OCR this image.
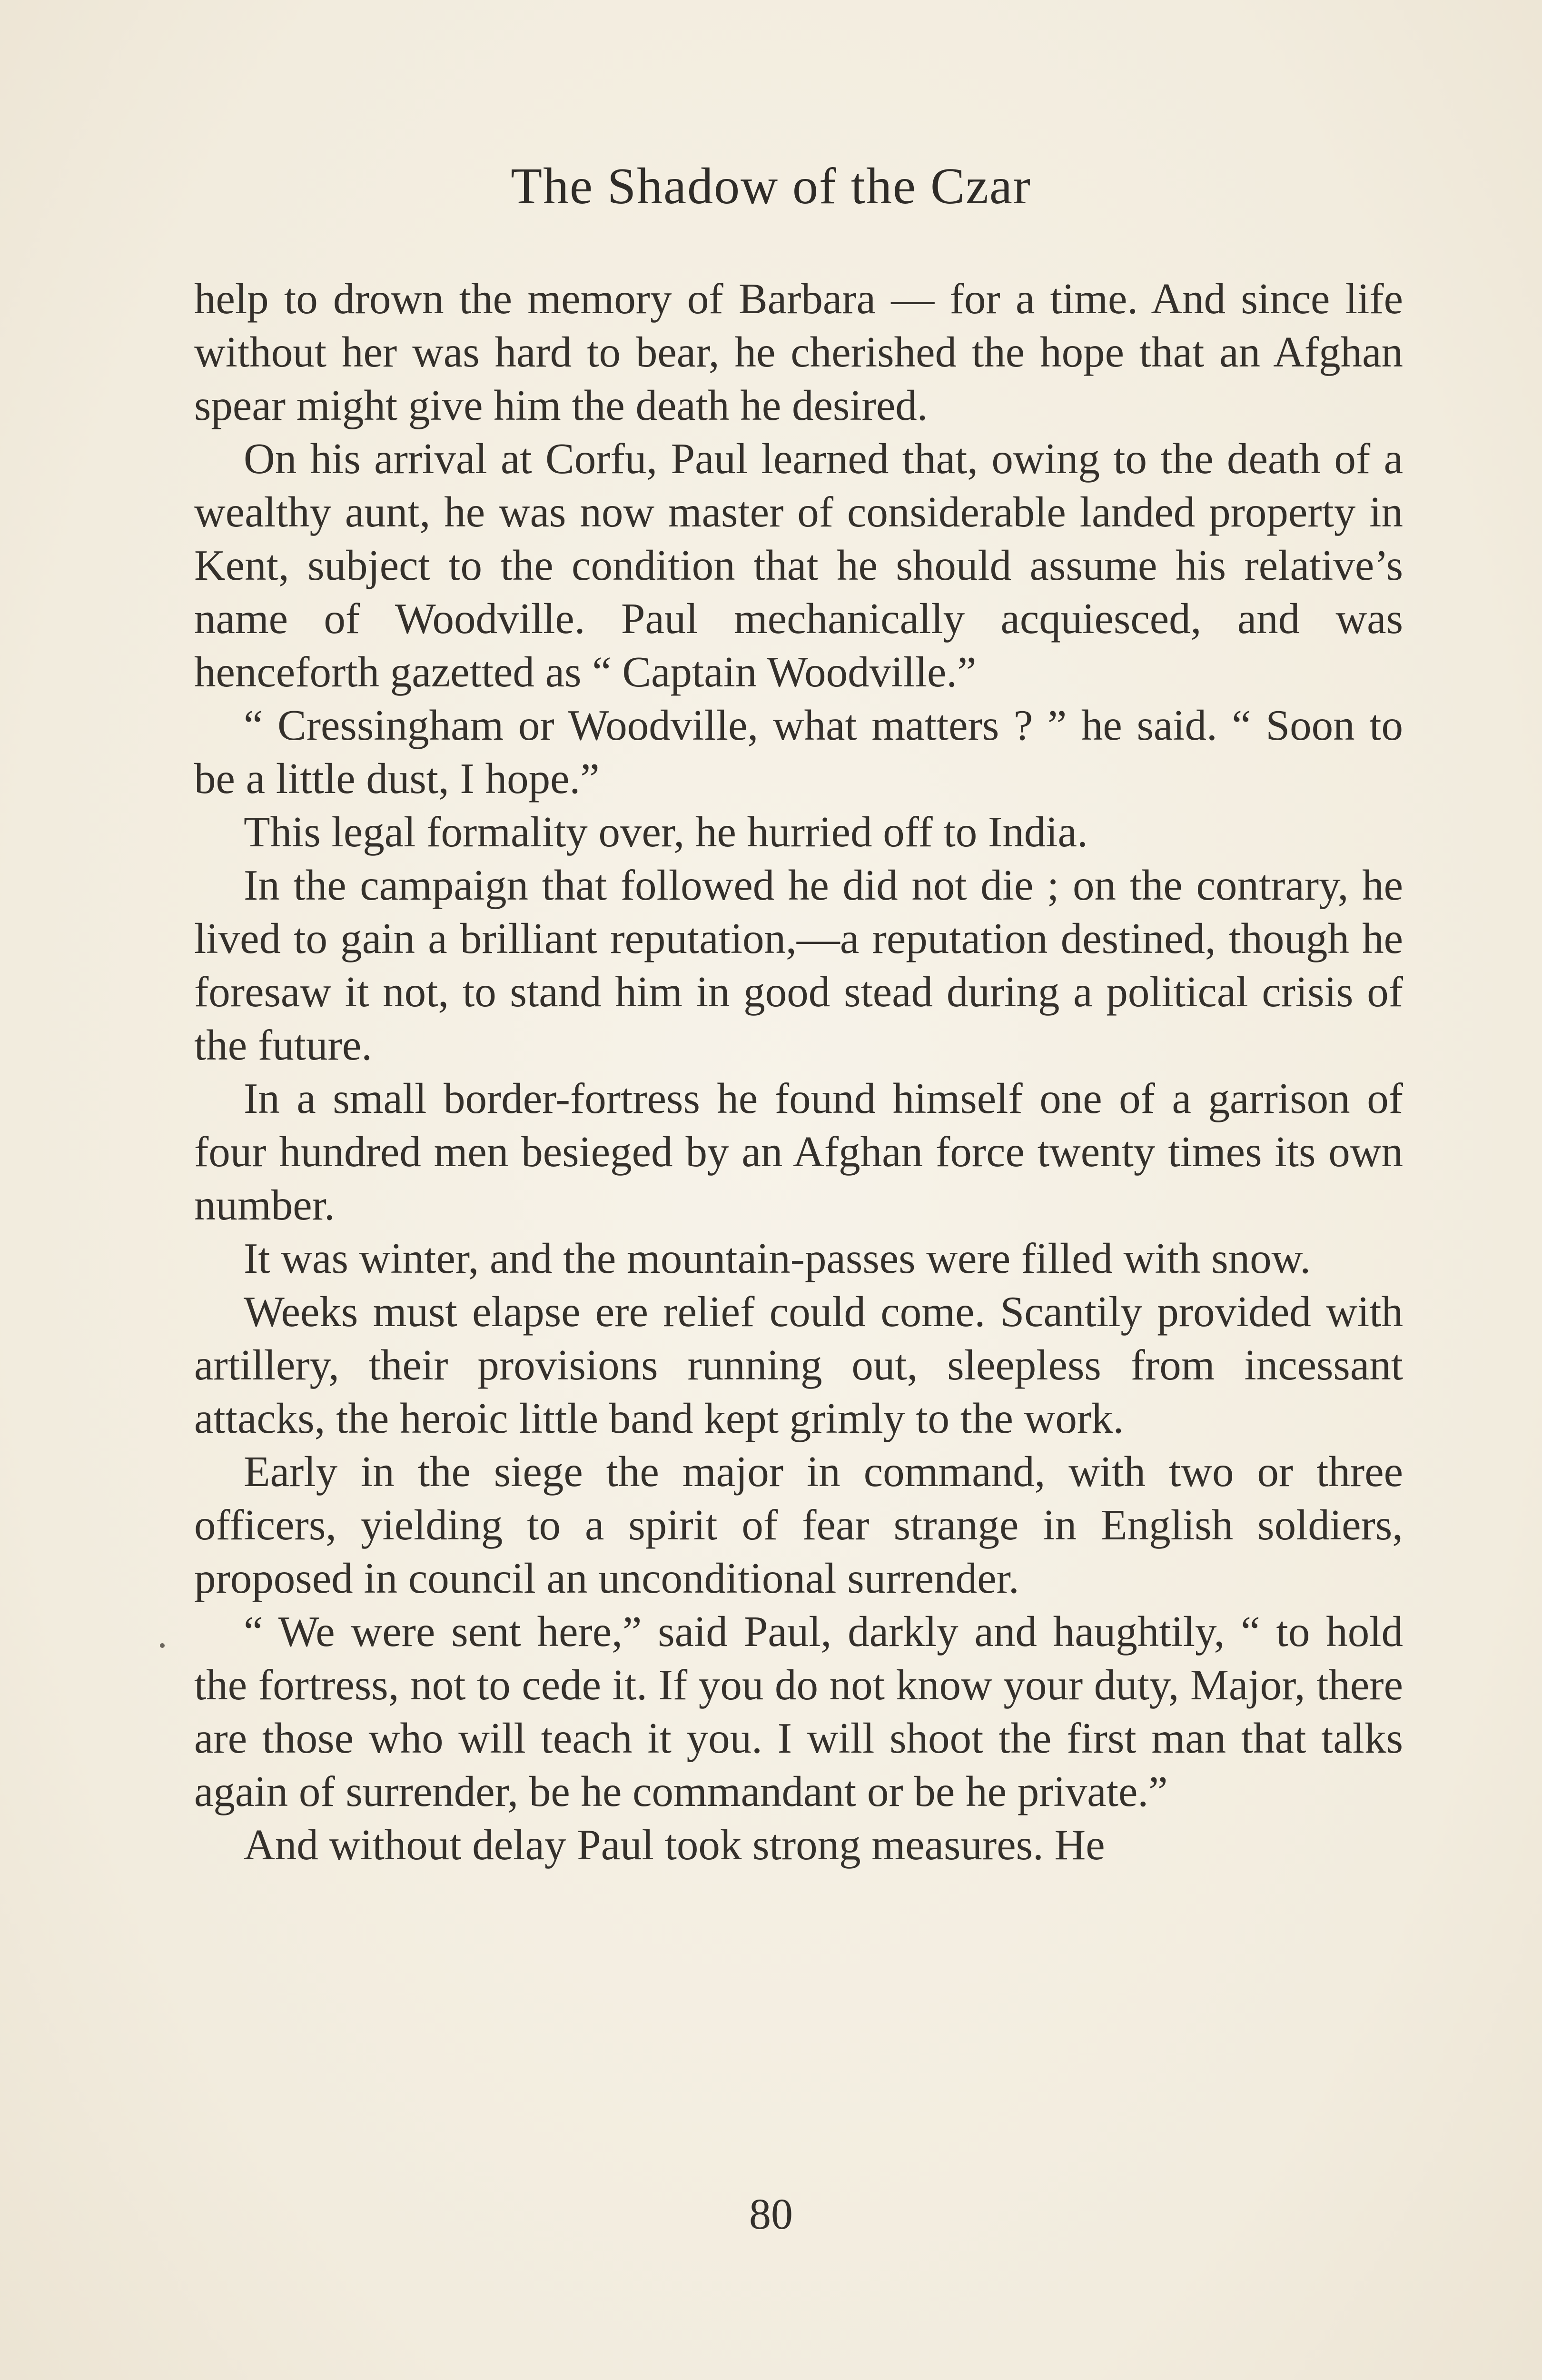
The Shadow of the Czar

help to drown the memory of Barbara — for a time. And since life without her was hard to bear, he cherished the hope that an Afghan spear might give him the death he desired.

On his arrival at Corfu, Paul learned that, owing to the death of a wealthy aunt, he was now master of considerable landed property in Kent, subject to the condition that he should assume his relative’s name of Woodville. Paul mechanically acquiesced, and was henceforth gazetted as “ Captain Woodville.”

“ Cressingham or Woodville, what matters ? ” he said. “ Soon to be a little dust, I hope.”

This legal formality over, he hurried off to India.

In the campaign that followed he did not die ; on the contrary, he lived to gain a brilliant reputation,—a reputation destined, though he foresaw it not, to stand him in good stead during a political crisis of the future.

In a small border-fortress he found himself one of a garrison of four hundred men besieged by an Afghan force twenty times its own number.

It was winter, and the mountain-passes were filled with snow.

Weeks must elapse ere relief could come. Scantily provided with artillery, their provisions running out, sleepless from incessant attacks, the heroic little band kept grimly to the work.

Early in the siege the major in command, with two or three officers, yielding to a spirit of fear strange in English soldiers, proposed in council an unconditional surrender.

“ We were sent here,” said Paul, darkly and haughtily, “ to hold the fortress, not to cede it. If you do not know your duty, Major, there are those who will teach it you. I will shoot the first man that talks again of surrender, be he commandant or be he private.”

And without delay Paul took strong measures. He

80
